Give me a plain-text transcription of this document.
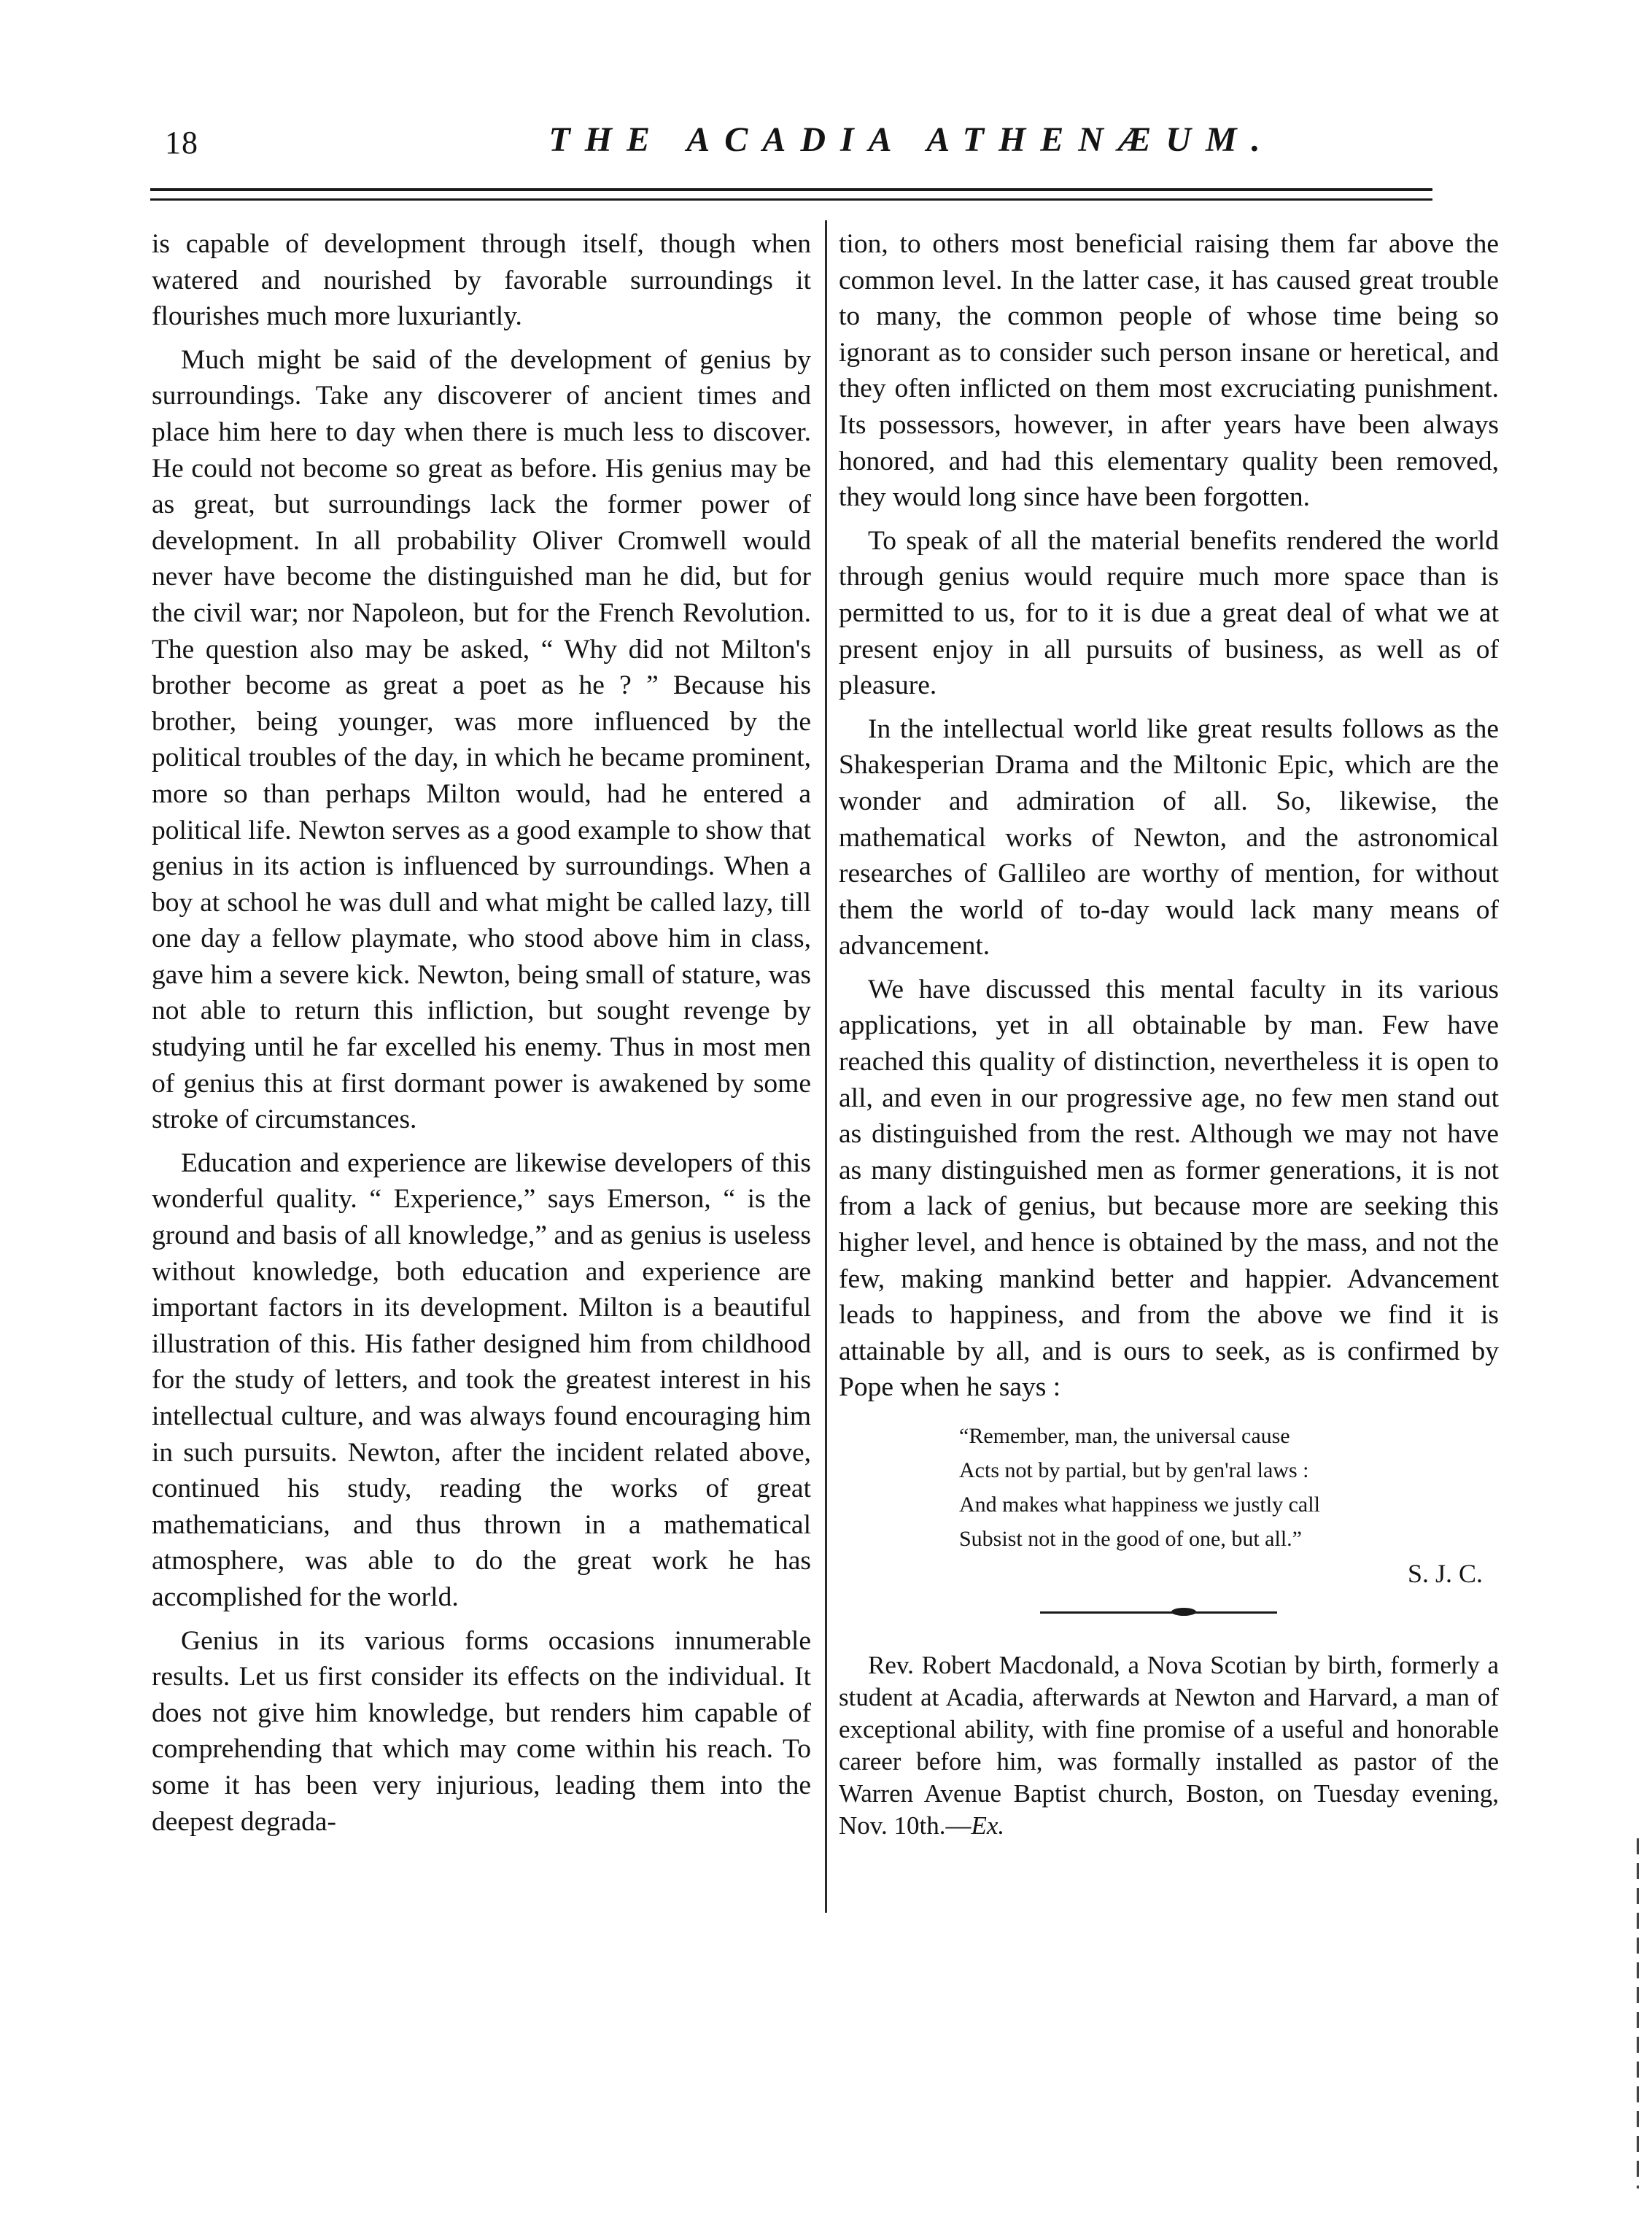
18	THE ACADIA ATHENÆUM.

is capable of development through itself, though when watered and nourished by favorable surroundings it flourishes much more luxuriantly.

Much might be said of the development of genius by surroundings. Take any discoverer of ancient times and place him here to day when there is much less to discover. He could not become so great as before. His genius may be as great, but surroundings lack the former power of development. In all probability Oliver Cromwell would never have become the distinguished man he did, but for the civil war; nor Napoleon, but for the French Revolution. The question also may be asked, “ Why did not Milton's brother become as great a poet as he ? ” Because his brother, being younger, was more influenced by the political troubles of the day, in which he became prominent, more so than perhaps Milton would, had he entered a political life. Newton serves as a good example to show that genius in its action is influenced by surroundings. When a boy at school he was dull and what might be called lazy, till one day a fellow playmate, who stood above him in class, gave him a severe kick. Newton, being small of stature, was not able to return this infliction, but sought revenge by studying until he far excelled his enemy. Thus in most men of genius this at first dormant power is awakened by some stroke of circumstances.

Education and experience are likewise developers of this wonderful quality. “ Experience,” says Emerson, “ is the ground and basis of all knowledge,” and as genius is useless without knowledge, both education and experience are important factors in its development. Milton is a beautiful illustration of this. His father designed him from childhood for the study of letters, and took the greatest interest in his intellectual culture, and was always found encouraging him in such pursuits. Newton, after the incident related above, continued his study, reading the works of great mathematicians, and thus thrown in a mathematical atmosphere, was able to do the great work he has accomplished for the world.

Genius in its various forms occasions innumerable results. Let us first consider its effects on the individual. It does not give him knowledge, but renders him capable of comprehending that which may come within his reach. To some it has been very injurious, leading them into the deepest degrada-

tion, to others most beneficial raising them far above the common level. In the latter case, it has caused great trouble to many, the common people of whose time being so ignorant as to consider such person insane or heretical, and they often inflicted on them most excruciating punishment. Its possessors, however, in after years have been always honored, and had this elementary quality been removed, they would long since have been forgotten.

To speak of all the material benefits rendered the world through genius would require much more space than is permitted to us, for to it is due a great deal of what we at present enjoy in all pursuits of business, as well as of pleasure.

In the intellectual world like great results follows as the Shakesperian Drama and the Miltonic Epic, which are the wonder and admiration of all. So, likewise, the mathematical works of Newton, and the astronomical researches of Gallileo are worthy of mention, for without them the world of to-day would lack many means of advancement.

We have discussed this mental faculty in its various applications, yet in all obtainable by man. Few have reached this quality of distinction, nevertheless it is open to all, and even in our progressive age, no few men stand out as distinguished from the rest. Although we may not have as many distinguished men as former generations, it is not from a lack of genius, but because more are seeking this higher level, and hence is obtained by the mass, and not the few, making mankind better and happier. Advancement leads to happiness, and from the above we find it is attainable by all, and is ours to seek, as is confirmed by Pope when he says :

“Remember, man, the universal cause
Acts not by partial, but by gen'ral laws :
And makes what happiness we justly call
Subsist not in the good of one, but all.”
S. J. C.

Rev. Robert Macdonald, a Nova Scotian by birth, formerly a student at Acadia, afterwards at Newton and Harvard, a man of exceptional ability, with fine promise of a useful and honorable career before him, was formally installed as pastor of the Warren Avenue Baptist church, Boston, on Tuesday evening, Nov. 10th.—Ex.
